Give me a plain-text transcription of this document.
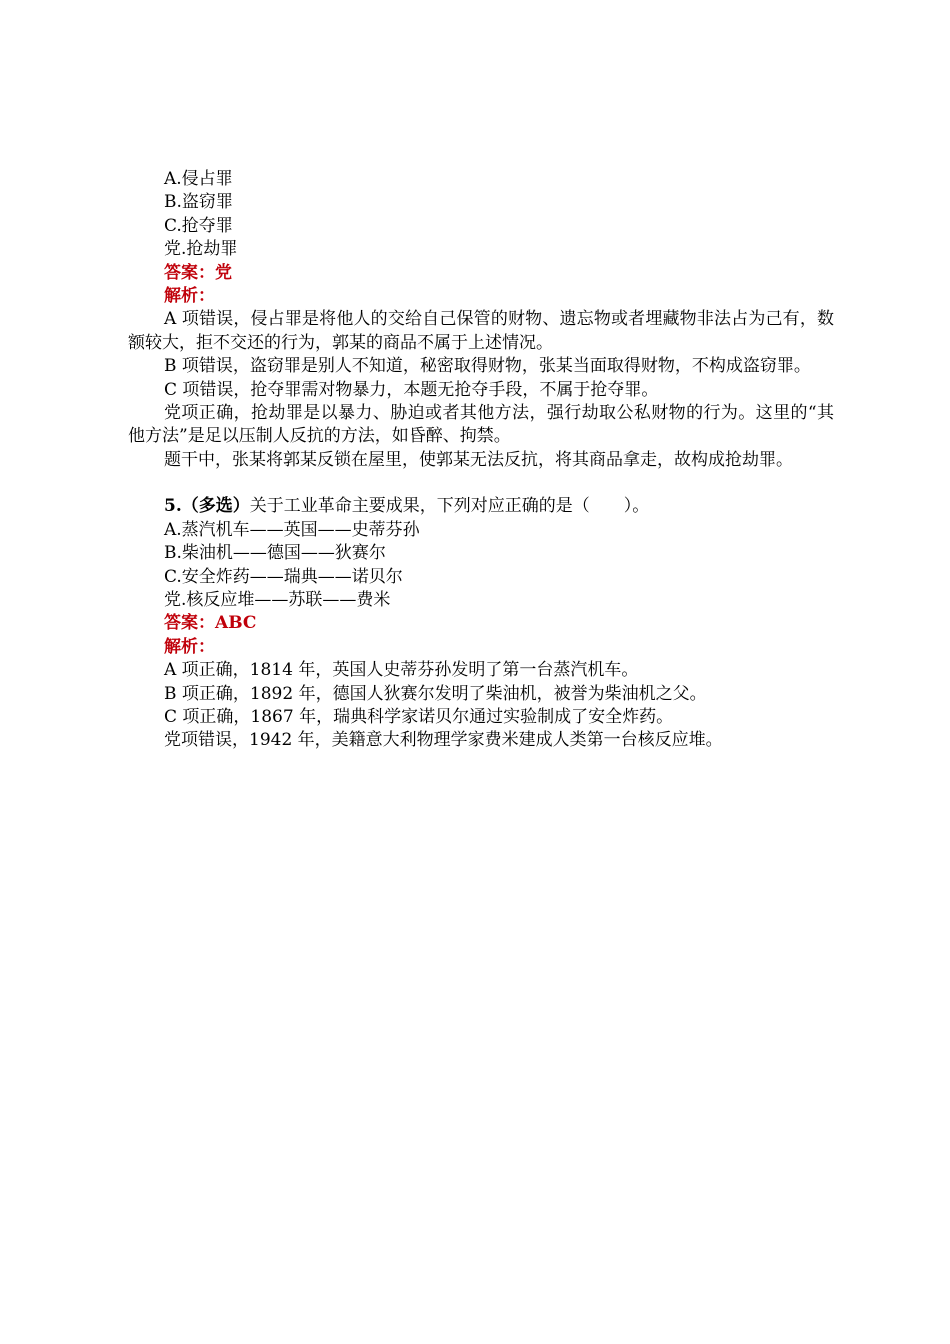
A.侵占罪
B.盗窃罪
C.抢夺罪
党.抢劫罪
答案：党
解析：
A 项错误，侵占罪是将他人的交给自己保管的财物、遗忘物或者埋藏物非法占为己有，数额较大，拒不交还的行为，郭某的商品不属于上述情况。
B 项错误，盗窃罪是别人不知道，秘密取得财物，张某当面取得财物，不构成盗窃罪。
C 项错误，抢夺罪需对物暴力，本题无抢夺手段，不属于抢夺罪。
党项正确，抢劫罪是以暴力、胁迫或者其他方法，强行劫取公私财物的行为。这里的“其他方法”是足以压制人反抗的方法，如昏醉、拘禁。
题干中，张某将郭某反锁在屋里，使郭某无法反抗，将其商品拿走，故构成抢劫罪。
5.（多选）关于工业革命主要成果，下列对应正确的是（　　）。
A.蒸汽机车——英国——史蒂芬孙
B.柴油机——德国——狄赛尔
C.安全炸药——瑞典——诺贝尔
党.核反应堆——苏联——费米
答案：ABC
解析：
A 项正确，1814 年，英国人史蒂芬孙发明了第一台蒸汽机车。
B 项正确，1892 年，德国人狄赛尔发明了柴油机，被誉为柴油机之父。
C 项正确，1867 年，瑞典科学家诺贝尔通过实验制成了安全炸药。
党项错误，1942 年，美籍意大利物理学家费米建成人类第一台核反应堆。
